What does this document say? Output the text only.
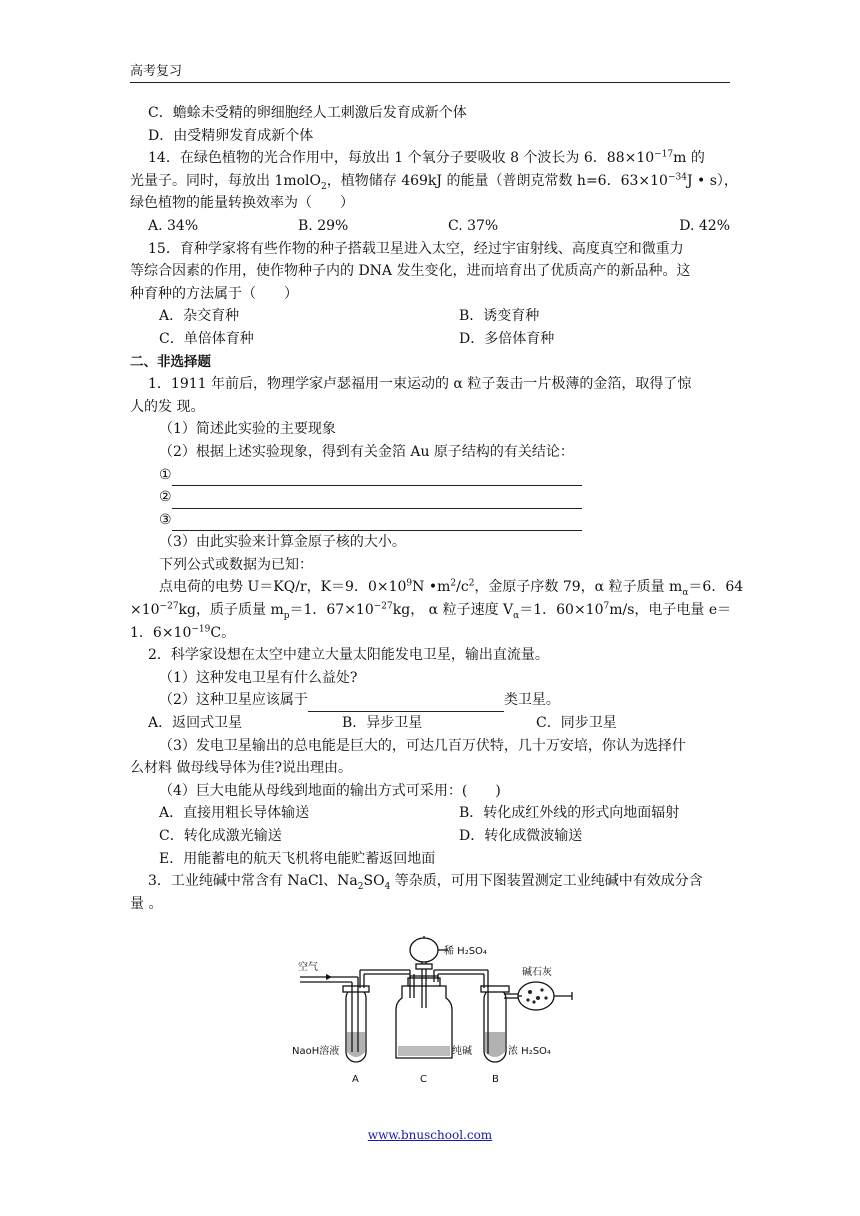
高考复习
C．蟾蜍未受精的卵细胞经人工刺激后发育成新个体
D．由受精卵发育成新个体
14．在绿色植物的光合作用中，每放出 1 个氧分子要吸收 8 个波长为 6．$88\times 10^{-17}m$ 的
光量子。同时，每放出 1molO$_2$，植物储存 469kJ 的能量（普朗克常数 h=6．$63\times 10^{-34}J$ • s），
绿色植物的能量转换效率为（　　）
A. 34%	B. 29%	C. 37%	D. 42%
15．育种学家将有些作物的种子搭载卫星进入太空，经过宇宙射线、高度真空和微重力
等综合因素的作用，使作物种子内的 DNA 发生变化，进而培育出了优质高产的新品种。这
种育种的方法属于（　　）
A．杂交育种	B．诱变育种
C．单倍体育种	D．多倍体育种
二、非选择题
1．1911 年前后，物理学家卢瑟福用一束运动的 α 粒子轰击一片极薄的金箔，取得了惊
人的发 现。
（1）简述此实验的主要现象
（2）根据上述实验现象，得到有关金箔 Au 原子结构的有关结论：
①
②
③
（3）由此实验来计算金原子核的大小。
下列公式或数据为已知：
点电荷的电势 U＝KQ/r，K＝9．$0\times 10^9N$ $•m^2/c^2$，金原子序数 79，α 粒子质量 $m_\alpha=6$．64
$\times 10^{-27}kg$，质子质量 $m_p=1$．$67\times 10^{-27}kg$， α 粒子速度 $V_\alpha=1$．$60\times 10^7m/s$，电子电量 e＝
1．$6\times 10^{-19}C$。
2．科学家设想在太空中建立大量太阳能发电卫星，输出直流量。
（1）这种发电卫星有什么益处?
（2）这种卫星应该属于	类卫星。
A．返回式卫星	B．异步卫星	C．同步卫星
（3）发电卫星输出的总电能是巨大的，可达几百万伏特，几十万安培，你认为选择什
么材料 做母线导体为佳?说出理由。
（4）巨大电能从母线到地面的输出方式可采用：(　　)
A．直接用粗长导体输送	B．转化成红外线的形式向地面辐射
C．转化成激光输送	D．转化成微波输送
E．用能蓄电的航天飞机将电能贮蓄返回地面
3．工业纯碱中常含有 NaCl、$Na_2SO_4$ 等杂质，可用下图装置测定工业纯碱中有效成分含
量 。
空气
稀 H₂SO₄
碱石灰
NaoH溶液	纯碱	浓 H₂SO₄
A	C	B
www.bnuschool.com
